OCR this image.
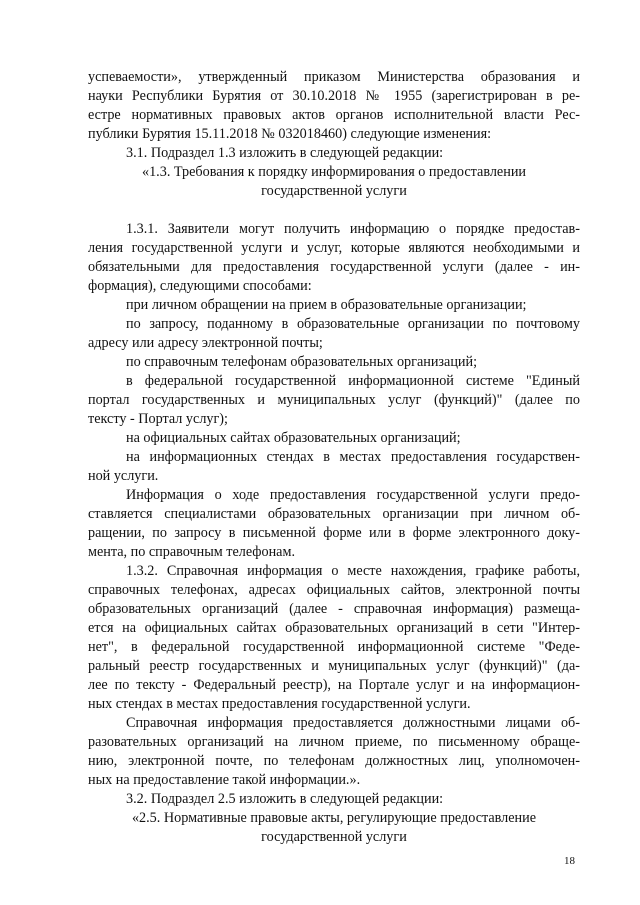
успеваемости», утвержденный приказом Министерства образования и
науки Республики Бурятия от 30.10.2018 № 1955 (зарегистрирован в ре-
естре нормативных правовых актов органов исполнительной власти Рес-
публики Бурятия 15.11.2018 № 032018460) следующие изменения:
3.1. Подраздел 1.3 изложить в следующей редакции:
«1.3. Требования к порядку информирования о предоставлении
государственной услуги
1.3.1. Заявители могут получить информацию о порядке предостав-
ления государственной услуги и услуг, которые являются необходимыми и
обязательными для предоставления государственной услуги (далее - ин-
формация), следующими способами:
при личном обращении на прием в образовательные организации;
по запросу, поданному в образовательные организации по почтовому
адресу или адресу электронной почты;
по справочным телефонам образовательных организаций;
в федеральной государственной информационной системе "Единый
портал государственных и муниципальных услуг (функций)" (далее по
тексту - Портал услуг);
на официальных сайтах образовательных организаций;
на информационных стендах в местах предоставления государствен-
ной услуги.
Информация о ходе предоставления государственной услуги предо-
ставляется специалистами образовательных организации при личном об-
ращении, по запросу в письменной форме или в форме электронного доку-
мента, по справочным телефонам.
1.3.2. Справочная информация о месте нахождения, графике работы,
справочных телефонах, адресах официальных сайтов, электронной почты
образовательных организаций (далее - справочная информация) размеща-
ется на официальных сайтах образовательных организаций в сети "Интер-
нет", в федеральной государственной информационной системе "Феде-
ральный реестр государственных и муниципальных услуг (функций)" (да-
лее по тексту - Федеральный реестр), на Портале услуг и на информацион-
ных стендах в местах предоставления государственной услуги.
Справочная информация предоставляется должностными лицами об-
разовательных организаций на личном приеме, по письменному обраще-
нию, электронной почте, по телефонам должностных лиц, уполномочен-
ных на предоставление такой информации.».
3.2. Подраздел 2.5 изложить в следующей редакции:
«2.5. Нормативные правовые акты, регулирующие предоставление
государственной услуги
18
